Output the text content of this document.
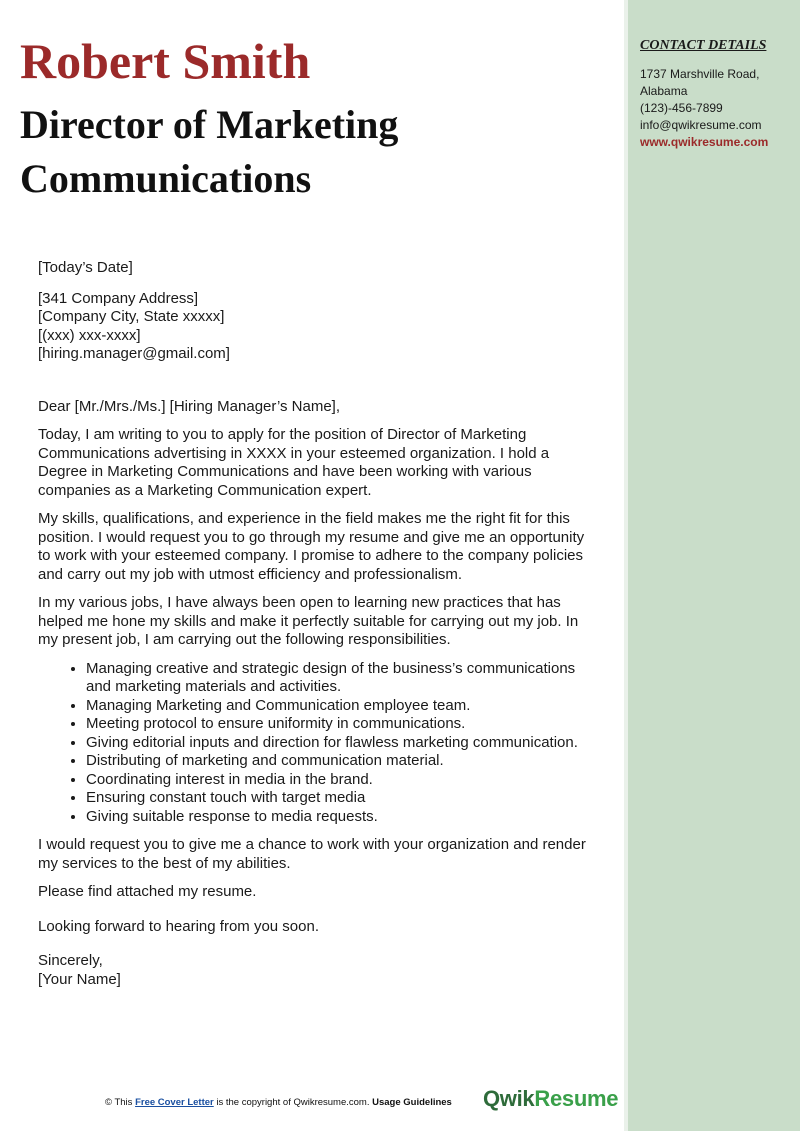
CONTACT DETAILS
1737 Marshville Road,
Alabama
(123)-456-7899
info@qwikresume.com
www.qwikresume.com
Robert Smith
Director of Marketing Communications

[Today’s Date]

[341 Company Address]
[Company City, State xxxxx]
[(xxx) xxx-xxxx]
[hiring.manager@gmail.com]

Dear [Mr./Mrs./Ms.] [Hiring Manager’s Name],

Today, I am writing to you to apply for the position of Director of Marketing Communications advertising in XXXX in your esteemed organization. I hold a Degree in Marketing Communications and have been working with various companies as a Marketing Communication expert.

My skills, qualifications, and experience in the field makes me the right fit for this position. I would request you to go through my resume and give me an opportunity to work with your esteemed company. I promise to adhere to the company policies and carry out my job with utmost efficiency and professionalism.

In my various jobs, I have always been open to learning new practices that has helped me hone my skills and make it perfectly suitable for carrying out my job. In my present job, I am carrying out the following responsibilities.

• Managing creative and strategic design of the business’s communications and marketing materials and activities.
• Managing Marketing and Communication employee team.
• Meeting protocol to ensure uniformity in communications.
• Giving editorial inputs and direction for flawless marketing communication.
• Distributing of marketing and communication material.
• Coordinating interest in media in the brand.
• Ensuring constant touch with target media
• Giving suitable response to media requests.

I would request you to give me a chance to work with your organization and render my services to the best of my abilities.

Please find attached my resume.

Looking forward to hearing from you soon.

Sincerely,

[Your Name]

© This Free Cover Letter is the copyright of Qwikresume.com. Usage Guidelines QwikResume
